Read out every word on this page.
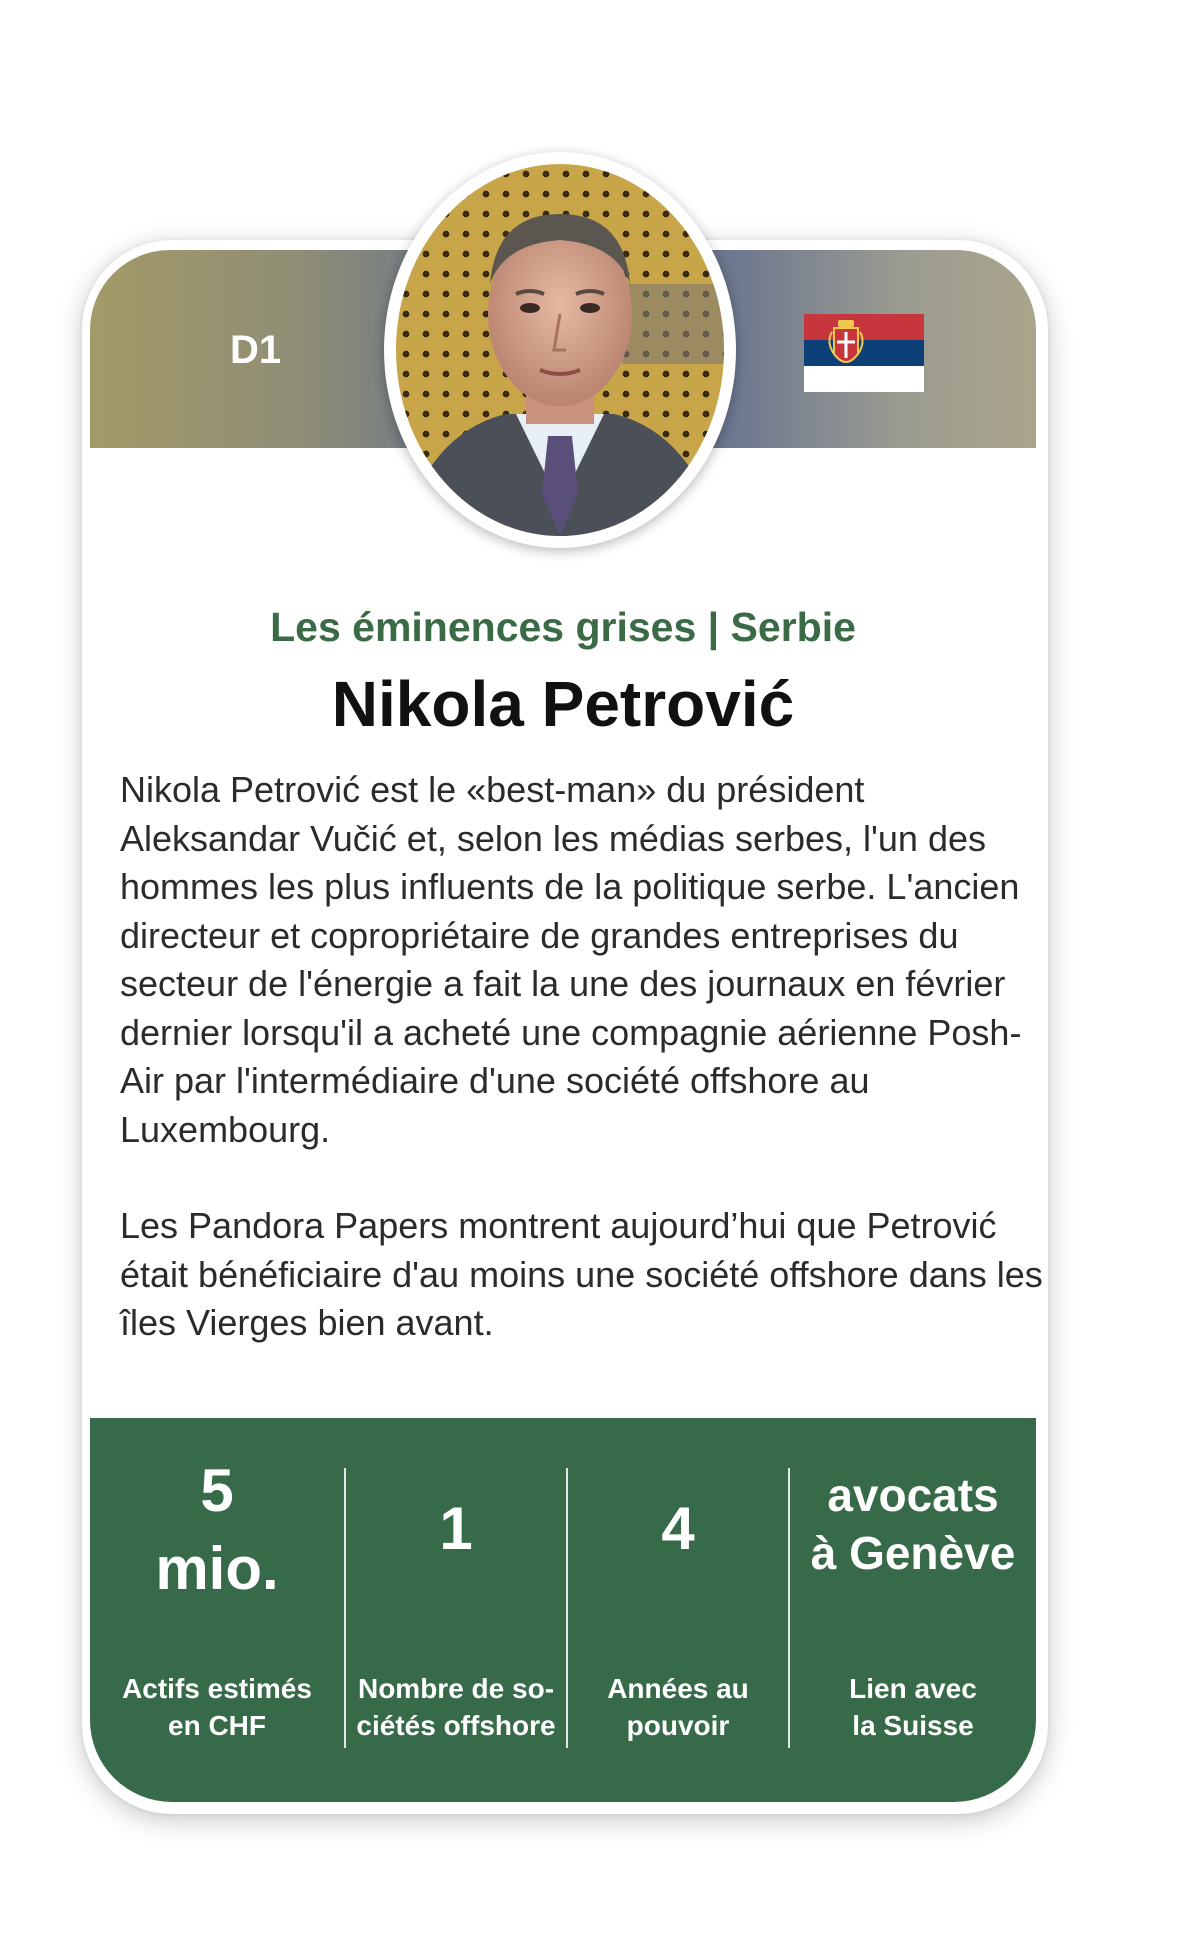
D1
Les éminences grises | Serbie
Nikola Petrović

Nikola Petrović est le «best-man» du président Aleksandar Vučić et, selon les médias serbes, l'un des hommes les plus influents de la politique serbe. L'ancien directeur et copropriétaire de grandes entreprises du secteur de l'énergie a fait la une des journaux en février dernier lorsqu'il a acheté une compagnie aérienne Posh-Air par l'intermédiaire d'une société offshore au Luxembourg.

Les Pandora Papers montrent aujourd’hui que Petrović était bénéficiaire d'au moins une société offshore dans les îles Vierges bien avant.

5
mio.
Actifs estimés
en CHF
1
Nombre de so-
ciétés offshore
4
Années au
pouvoir
avocats
à Genève
Lien avec
la Suisse
